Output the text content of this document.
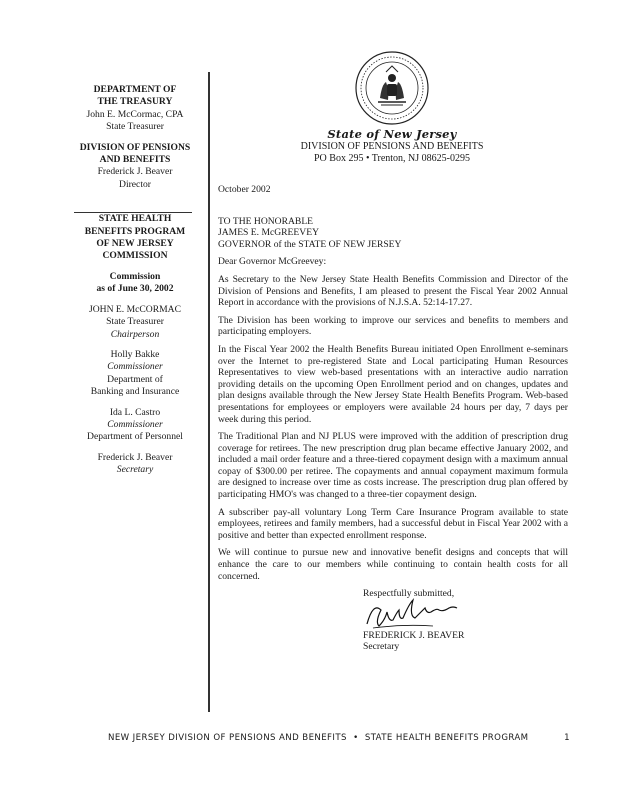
DEPARTMENT OF
THE TREASURY
John E. McCormac, CPA
State Treasurer
DIVISION OF PENSIONS
AND BENEFITS
Frederick J. Beaver
Director
STATE HEALTH
BENEFITS PROGRAM
OF NEW JERSEY
COMMISSION
Commission
as of June 30, 2002
JOHN E. McCORMAC
State Treasurer
Chairperson
Holly Bakke
Commissioner
Department of
Banking and Insurance
Ida L. Castro
Commissioner
Department of Personnel
Frederick J. Beaver
Secretary
State of New Jersey
DIVISION OF PENSIONS AND BENEFITS
PO Box 295 • Trenton, NJ 08625-0295

October 2002

TO THE HONORABLE
JAMES E. McGREEVEY
GOVERNOR of the STATE OF NEW JERSEY

Dear Governor McGreevey:

As Secretary to the New Jersey State Health Benefits Commission and Director of the Division of Pensions and Benefits, I am pleased to present the Fiscal Year 2002 Annual Report in accordance with the provisions of N.J.S.A. 52:14-17.27.

The Division has been working to improve our services and benefits to members and participating employers.

In the Fiscal Year 2002 the Health Benefits Bureau initiated Open Enrollment e-seminars over the Internet to pre-registered State and Local participating Human Resources Representatives to view web-based presentations with an interactive audio narration providing details on the upcoming Open Enrollment period and on changes, updates and plan designs available through the New Jersey State Health Benefits Program. Web-based presentations for employees or employers were available 24 hours per day, 7 days per week during this period.

The Traditional Plan and NJ PLUS were improved with the addition of prescription drug coverage for retirees. The new prescription drug plan became effective January 2002, and included a mail order feature and a three-tiered copayment design with a maximum annual copay of $300.00 per retiree. The copayments and annual copayment maximum formula are designed to increase over time as costs increase. The prescription drug plan offered by participating HMO's was changed to a three-tier copayment design.

A subscriber pay-all voluntary Long Term Care Insurance Program available to state employees, retirees and family members, had a successful debut in Fiscal Year 2002 with a positive and better than expected enrollment response.

We will continue to pursue new and innovative benefit designs and concepts that will enhance the care to our members while continuing to contain health costs for all concerned.

Respectfully submitted,
FREDERICK J. BEAVER
Secretary
NEW JERSEY DIVISION OF PENSIONS AND BENEFITS  •  STATE HEALTH BENEFITS PROGRAM	1
